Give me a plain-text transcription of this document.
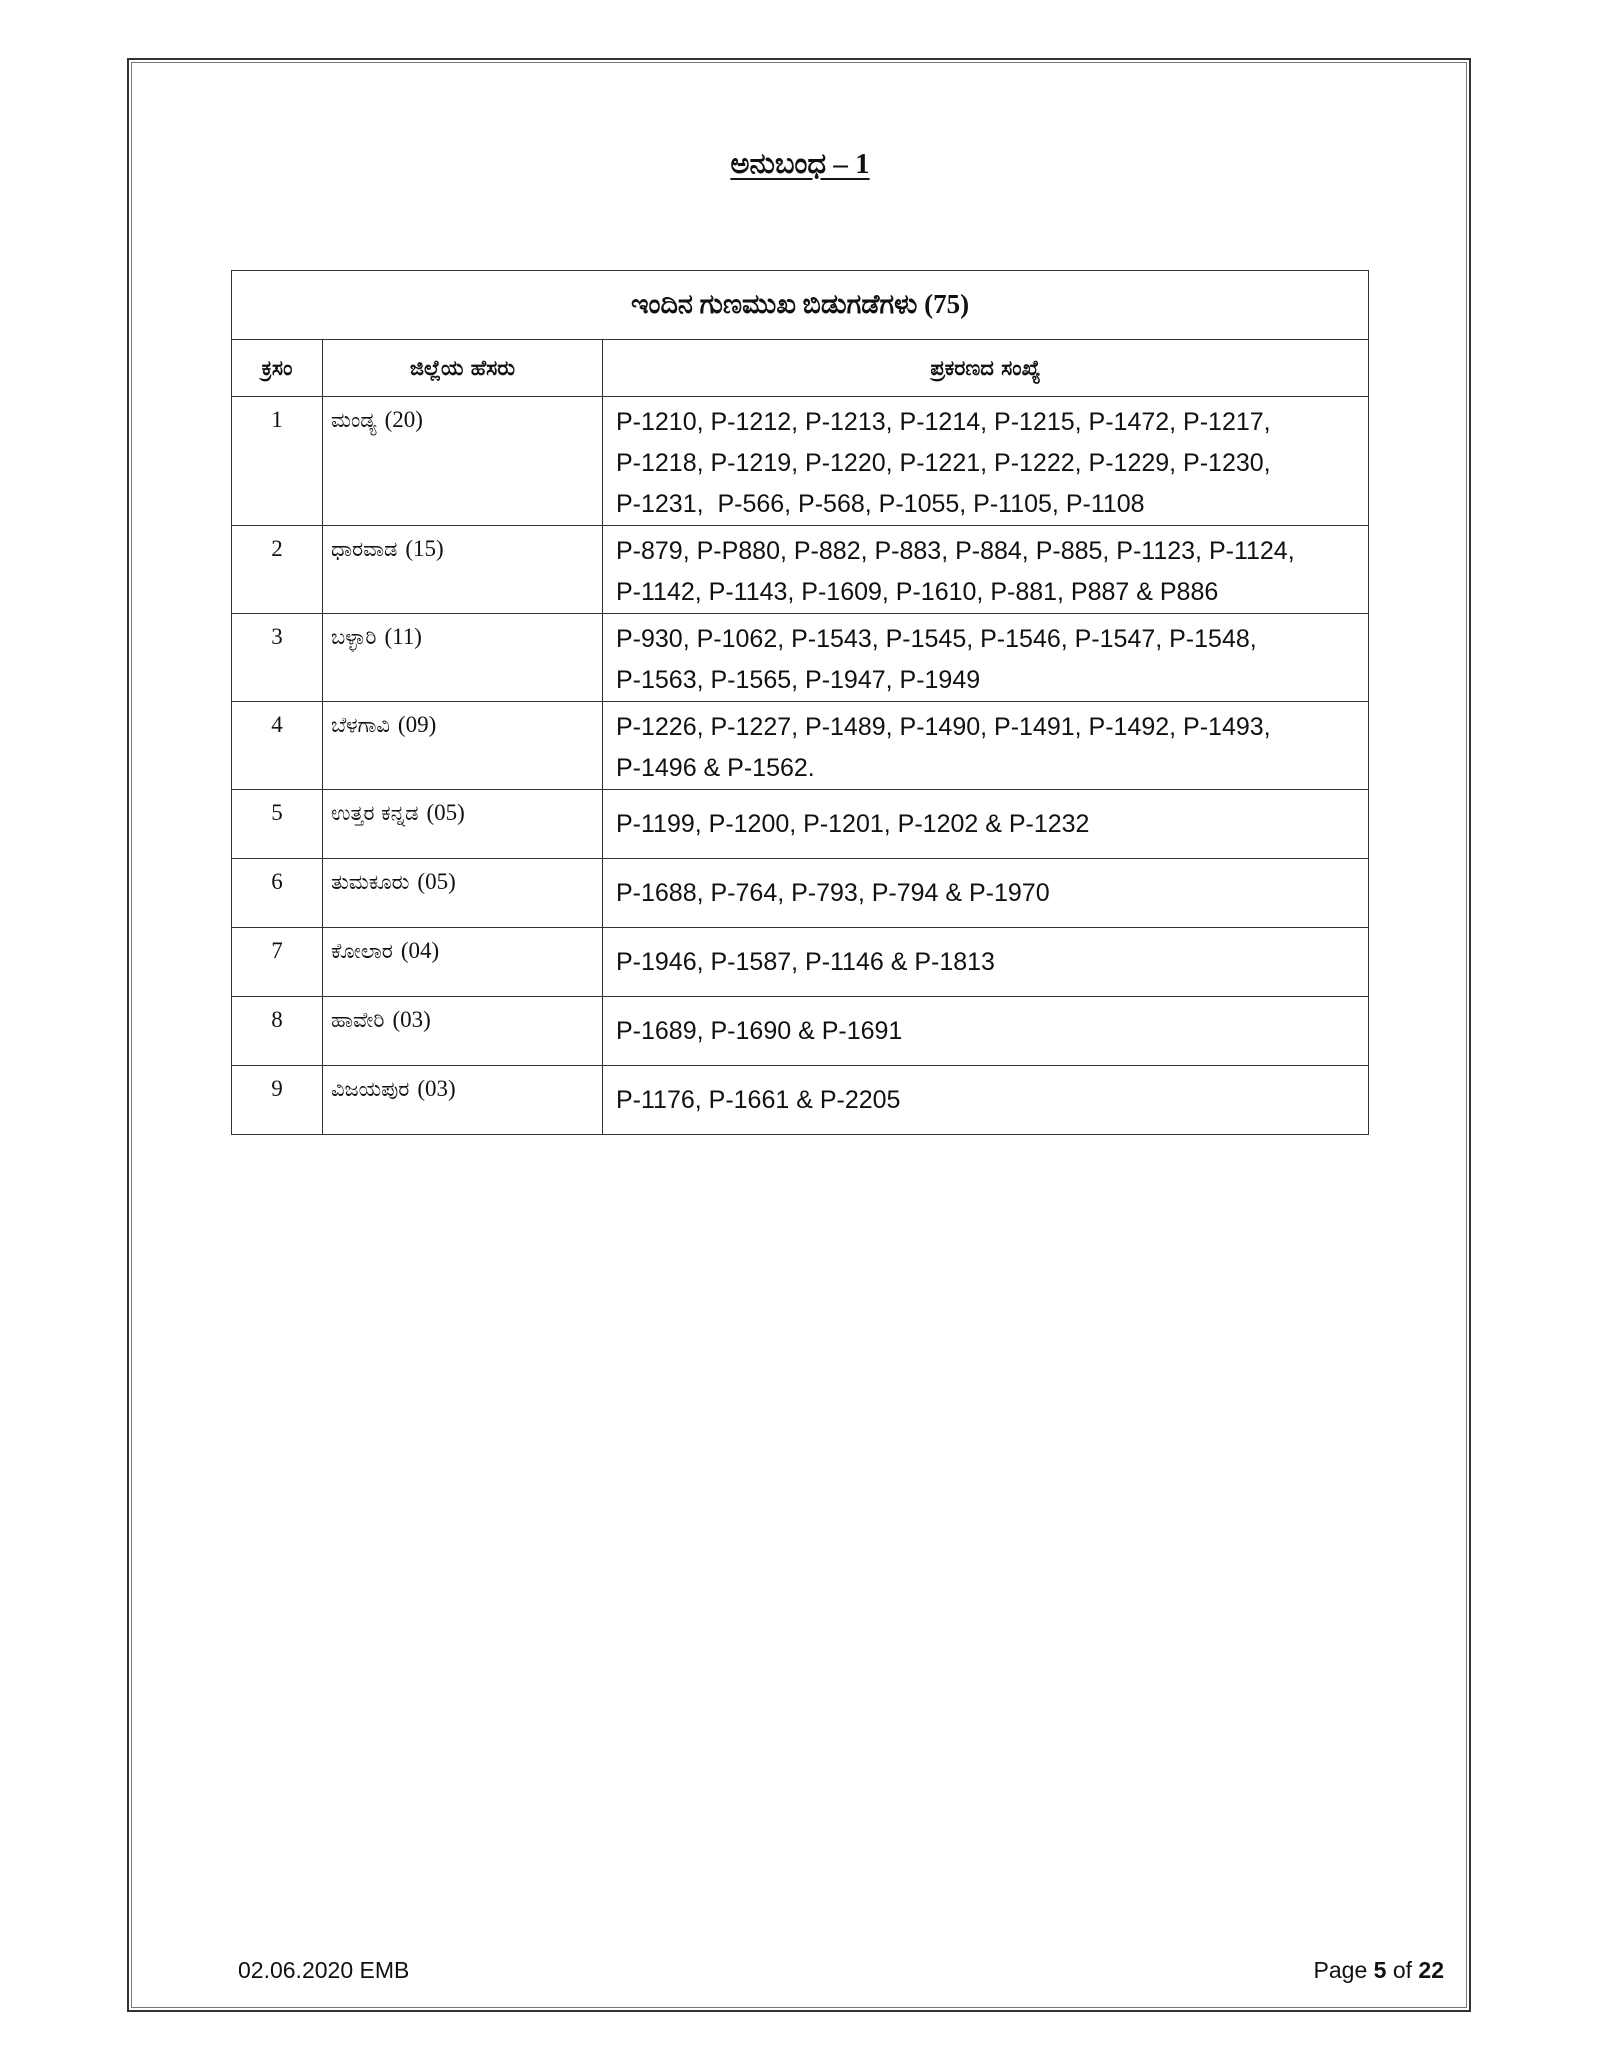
ಅನುಬಂಧ – 1
ಇಂದಿನ ಗುಣಮುಖ ಬಿಡುಗಡೆಗಳು (75)		
ಕ್ರಸಂ	ಜಿಲ್ಲೆಯ ಹೆಸರು	ಪ್ರಕರಣದ ಸಂಖ್ಯೆ
1	ಮಂಡ್ಯ (20)	P-1210, P-1212, P-1213, P-1214, P-1215, P-1472, P-1217,
P-1218, P-1219, P-1220, P-1221, P-1222, P-1229, P-1230,
P-1231,  P-566, P-568, P-1055, P-1105, P-1108

2	ಧಾರವಾಡ (15)	P-879, P-P880, P-882, P-883, P-884, P-885, P-1123, P-1124,
P-1142, P-1143, P-1609, P-1610, P-881, P887 & P886

3	ಬಳ್ಳಾರಿ (11)	P-930, P-1062, P-1543, P-1545, P-1546, P-1547, P-1548,
P-1563, P-1565, P-1947, P-1949

4	ಬೆಳಗಾವಿ (09)	P-1226, P-1227, P-1489, P-1490, P-1491, P-1492, P-1493,
P-1496 & P-1562.

5	ಉತ್ತರ ಕನ್ನಡ (05)	P-1199, P-1200, P-1201, P-1202 & P-1232

6	ತುಮಕೂರು (05)	P-1688, P-764, P-793, P-794 & P-1970

7	ಕೋಲಾರ (04)	P-1946, P-1587, P-1146 & P-1813

8	ಹಾವೇರಿ (03)	P-1689, P-1690 & P-1691

9	ವಿಜಯಪುರ (03)	P-1176, P-1661 & P-2205
02.06.2020 EMB	Page 5 of 22
